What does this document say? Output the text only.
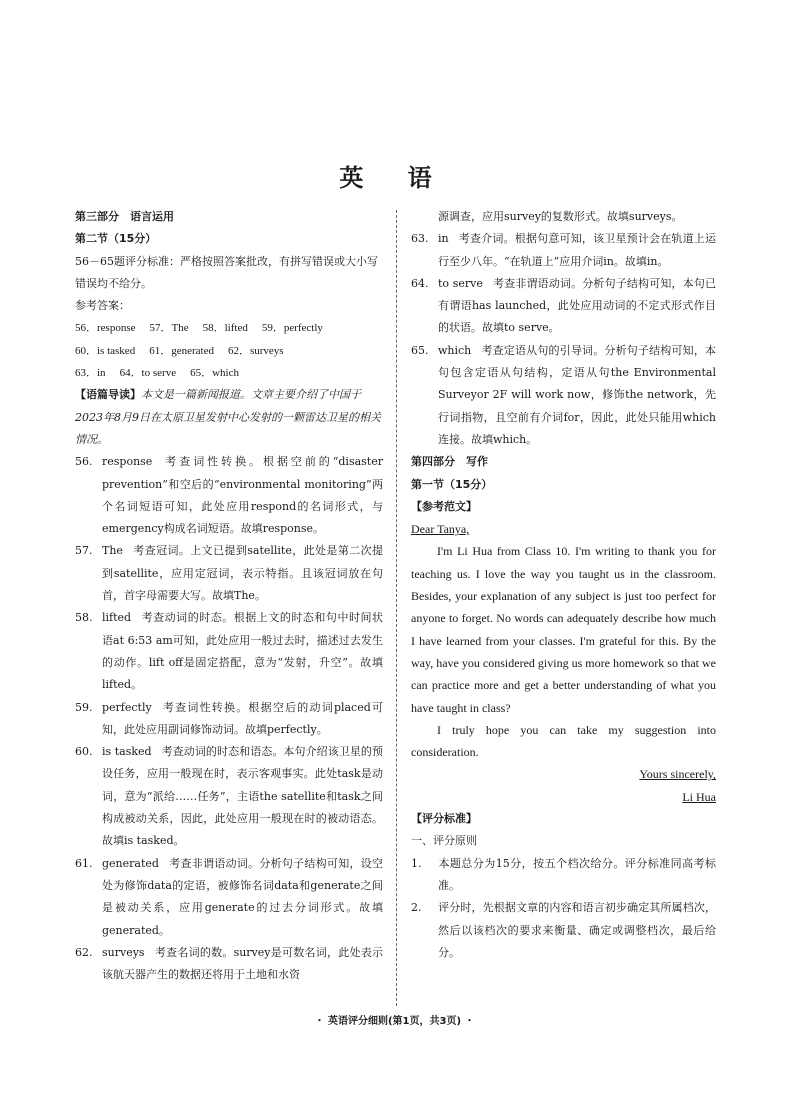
英 语

第三部分　语言运用

第二节（15分）

56－65题评分标准：严格按照答案批改，有拼写错误或大小写错误均不给分。

参考答案：

56．response 57．The 58．lifted 59．perfectly

60．is tasked 61．generated 62．surveys

63．in 64．to serve 65．which

【语篇导读】本文是一篇新闻报道。文章主要介绍了中国于2023年8月9日在太原卫星发射中心发射的一颗雷达卫星的相关情况。

56. response 考查词性转换。根据空前的“disaster prevention”和空后的“environmental monitoring”两个名词短语可知，此处应用respond的名词形式，与emergency构成名词短语。故填response。

57. The 考查冠词。上文已提到satellite，此处是第二次提到satellite，应用定冠词，表示特指。且该冠词放在句首，首字母需要大写。故填The。

58. lifted 考查动词的时态。根据上文的时态和句中时间状语at 6:53 am可知，此处应用一般过去时，描述过去发生的动作。lift off是固定搭配，意为“发射，升空”。故填lifted。

59. perfectly 考查词性转换。根据空后的动词placed可知，此处应用副词修饰动词。故填perfectly。

60. is tasked 考查动词的时态和语态。本句介绍该卫星的预设任务，应用一般现在时，表示客观事实。此处task是动词，意为“派给……任务”，主语the satellite和task之间构成被动关系，因此，此处应用一般现在时的被动语态。故填is tasked。

61. generated 考查非谓语动词。分析句子结构可知，设空处为修饰data的定语，被修饰名词data和generate之间是被动关系，应用generate的过去分词形式。故填generated。

62. surveys 考查名词的数。survey是可数名词，此处表示该航天器产生的数据还将用于土地和水资

源调查，应用survey的复数形式。故填surveys。

63. in 考查介词。根据句意可知，该卫星预计会在轨道上运行至少八年。“在轨道上”应用介词in。故填in。

64. to serve 考查非谓语动词。分析句子结构可知，本句已有谓语has launched，此处应用动词的不定式形式作目的状语。故填to serve。

65. which 考查定语从句的引导词。分析句子结构可知，本句包含定语从句结构，定语从句the Environmental Surveyor 2F will work now，修饰the network，先行词指物，且空前有介词for，因此，此处只能用which连接。故填which。

第四部分　写作

第一节（15分）

【参考范文】

Dear Tanya,

I'm Li Hua from Class 10. I'm writing to thank you for teaching us. I love the way you taught us in the classroom. Besides, your explanation of any subject is just too perfect for anyone to forget. No words can adequately describe how much I have learned from your classes. I'm grateful for this. By the way, have you considered giving us more homework so that we can practice more and get a better understanding of what you have taught in class?

I truly hope you can take my suggestion into consideration.

Yours sincerely,

Li Hua

【评分标准】

一、评分原则

1. 本题总分为15分，按五个档次给分。评分标准同高考标准。

2. 评分时，先根据文章的内容和语言初步确定其所属档次，然后以该档次的要求来衡量、确定或调整档次，最后给分。

・ 英语评分细则(第1页，共3页) ・
